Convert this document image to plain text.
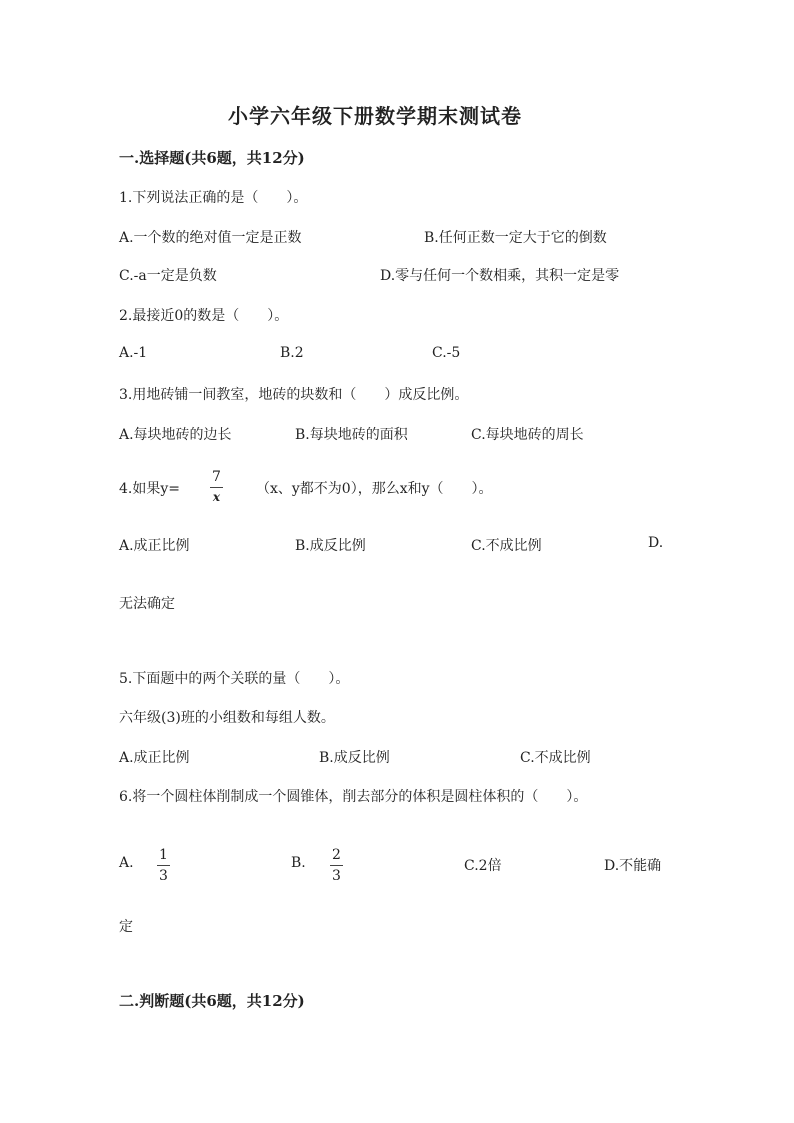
小学六年级下册数学期末测试卷
一.选择题(共6题，共12分)
1.下列说法正确的是（　　）。
A.一个数的绝对值一定是正数	B.任何正数一定大于它的倒数
C.-a一定是负数	D.零与任何一个数相乘，其积一定是零
2.最接近0的数是（　　）。
A.-1	B.2	C.-5
3.用地砖铺一间教室，地砖的块数和（　　）成反比例。
A.每块地砖的边长	B.每块地砖的面积	C.每块地砖的周长
4.如果$y= \frac{7}{x} (x$、y都不为0），那么x和y（　　）。
A.成正比例	B.成反比例	C.不成比例	D.
无法确定
5.下面题中的两个关联的量（　　）。
六年级(3)班的小组数和每组人数。
A.成正比例	B.成反比例	C.不成比例
6.将一个圆柱体削制成一个圆锥体，削去部分的体积是圆柱体积的（　　）。
A. $\frac{1}{3}$	B. $\frac{2}{3}$	C.2倍	D.不能确
定
二.判断题(共6题，共12分)
